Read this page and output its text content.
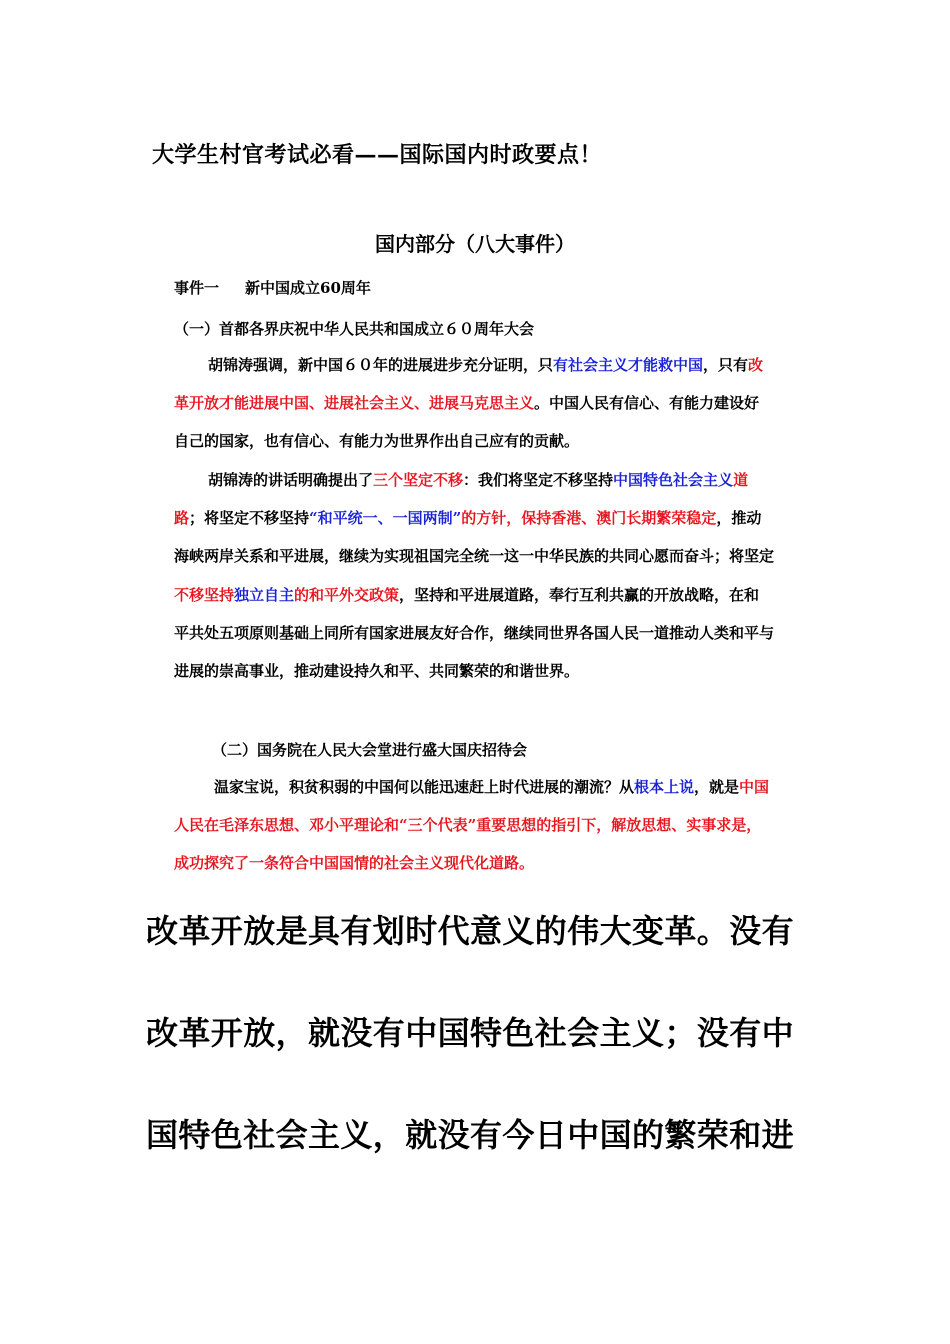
大学生村官考试必看——国际国内时政要点！
国内部分（八大事件）
事件一 新中国成立60周年
（一）首都各界庆祝中华人民共和国成立６０周年大会

胡锦涛强调，新中国６０年的进展进步充分证明，只有社会主义才能救中国，只有改革开放才能进展中国、进展社会主义、进展马克思主义。中国人民有信心、有能力建设好自己的国家，也有信心、有能力为世界作出自己应有的贡献。

胡锦涛的讲话明确提出了三个坚定不移：我们将坚定不移坚持中国特色社会主义道路；将坚定不移坚持“和平统一、一国两制”的方针，保持香港、澳门长期繁荣稳定，推动海峡两岸关系和平进展，继续为实现祖国完全统一这一中华民族的共同心愿而奋斗；将坚定不移坚持独立自主的和平外交政策，坚持和平进展道路，奉行互利共赢的开放战略，在和平共处五项原则基础上同所有国家进展友好合作，继续同世界各国人民一道推动人类和平与进展的崇高事业，推动建设持久和平、共同繁荣的和谐世界。

（二）国务院在人民大会堂进行盛大国庆招待会

温家宝说，积贫积弱的中国何以能迅速赶上时代进展的潮流？从根本上说，就是中国人民在毛泽东思想、邓小平理论和“三个代表”重要思想的指引下，解放思想、实事求是，成功探究了一条符合中国国情的社会主义现代化道路。

改革开放是具有划时代意义的伟大变革。没有改革开放，就没有中国特色社会主义；没有中国特色社会主义，就没有今日中国的繁荣和进
